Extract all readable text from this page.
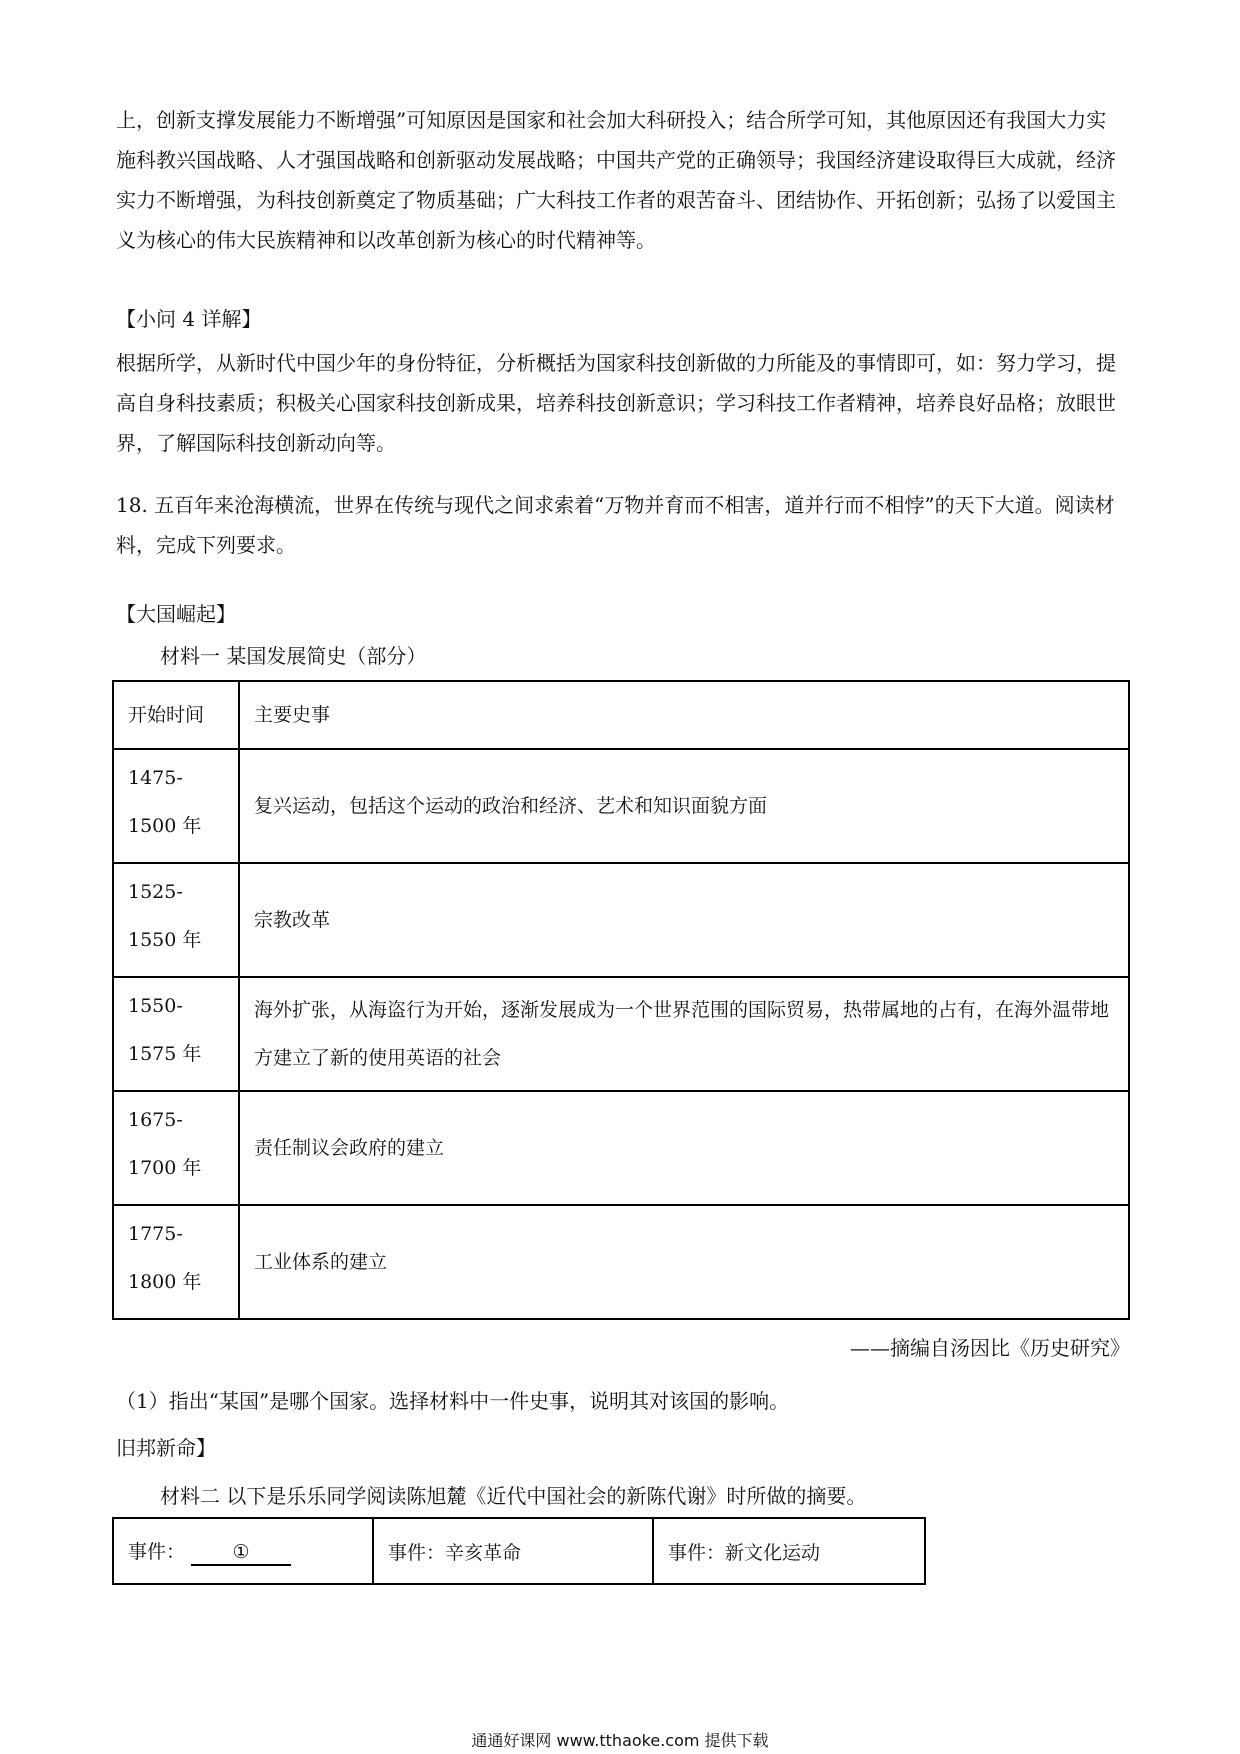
上，创新支撑发展能力不断增强”可知原因是国家和社会加大科研投入；结合所学可知，其他原因还有我国大力实施科教兴国战略、人才强国战略和创新驱动发展战略；中国共产党的正确领导；我国经济建设取得巨大成就，经济实力不断增强，为科技创新奠定了物质基础；广大科技工作者的艰苦奋斗、团结协作、开拓创新；弘扬了以爱国主义为核心的伟大民族精神和以改革创新为核心的时代精神等。

【小问 4 详解】

根据所学，从新时代中国少年的身份特征，分析概括为国家科技创新做的力所能及的事情即可，如：努力学习，提高自身科技素质；积极关心国家科技创新成果，培养科技创新意识；学习科技工作者精神，培养良好品格；放眼世界，了解国际科技创新动向等。

18. 五百年来沧海横流，世界在传统与现代之间求索着“万物并育而不相害，道并行而不相悖”的天下大道。阅读材料，完成下列要求。

【大国崛起】
材料一 某国发展简史（部分）
开始时间	主要史事
1475-1500 年	复兴运动，包括这个运动的政治和经济、艺术和知识面貌方面
1525-1550 年	宗教改革
1550-1575 年	海外扩张，从海盗行为开始，逐渐发展成为一个世界范围的国际贸易，热带属地的占有，在海外温带地方建立了新的使用英语的社会
1675-1700 年	责任制议会政府的建立
1775-1800 年	工业体系的建立
——摘编自汤因比《历史研究》
（1）指出“某国”是哪个国家。选择材料中一件史事，说明其对该国的影响。
旧邦新命】
材料二 以下是乐乐同学阅读陈旭麓《近代中国社会的新陈代谢》时所做的摘要。
事件：	①	事件：辛亥革命	事件：新文化运动
通通好课网 www.tthaoke.com 提供下载
